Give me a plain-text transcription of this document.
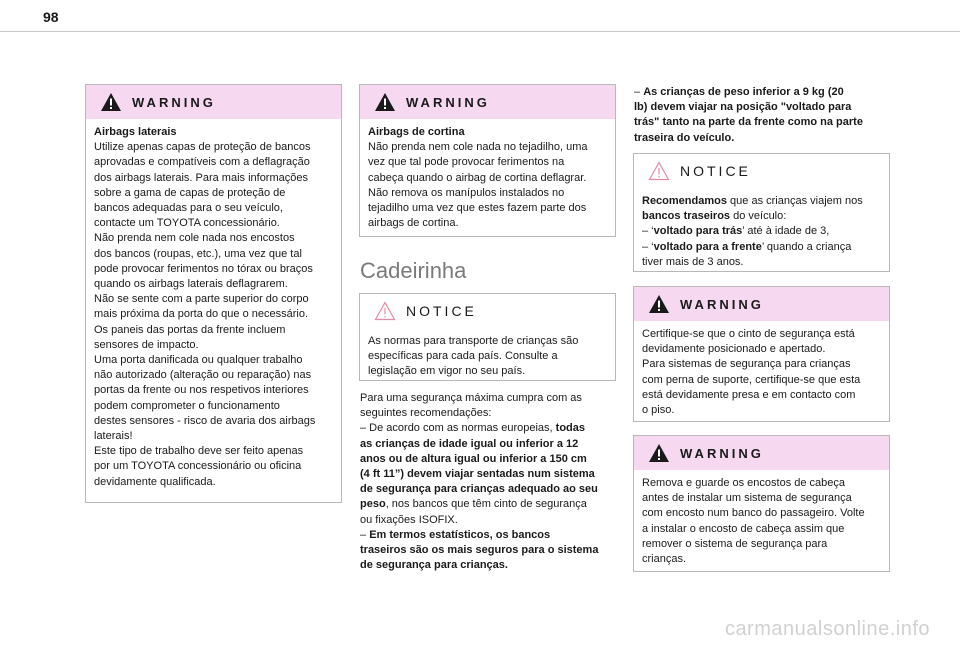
98
WARNING

Airbags laterais

Utilize apenas capas de proteção de bancos

aprovadas e compatíveis com a deflagração

dos airbags laterais. Para mais informações

sobre a gama de capas de proteção de

bancos adequadas para o seu veículo,

contacte um TOYOTA concessionário.

Não prenda nem cole nada nos encostos

dos bancos (roupas, etc.), uma vez que tal

pode provocar ferimentos no tórax ou braços

quando os airbags laterais deflagrarem.

Não se sente com a parte superior do corpo

mais próxima da porta do que o necessário.

Os paneis das portas da frente incluem

sensores de impacto.

Uma porta danificada ou qualquer trabalho

não autorizado (alteração ou reparação) nas

portas da frente ou nos respetivos interiores

podem comprometer o funcionamento

destes sensores - risco de avaria dos airbags

laterais!

Este tipo de trabalho deve ser feito apenas

por um TOYOTA concessionário ou oficina

devidamente qualificada.

WARNING

Airbags de cortina

Não prenda nem cole nada no tejadilho, uma

vez que tal pode provocar ferimentos na

cabeça quando o airbag de cortina deflagrar.

Não remova os manípulos instalados no

tejadilho uma vez que estes fazem parte dos

airbags de cortina.

Cadeirinha
NOTICE

As normas para transporte de crianças são

específicas para cada país. Consulte a

legislação em vigor no seu país.

Para uma segurança máxima cumpra com as

seguintes recomendações:

– De acordo com as normas europeias, todas

as crianças de idade igual ou inferior a 12

anos ou de altura igual ou inferior a 150 cm

(4 ft 11”) devem viajar sentadas num sistema

de segurança para crianças adequado ao seu

peso, nos bancos que têm cinto de segurança

ou fixações ISOFIX.

– Em termos estatísticos, os bancos

traseiros são os mais seguros para o sistema

de segurança para crianças.

– As crianças de peso inferior a 9 kg (20

lb) devem viajar na posição "voltado para

trás" tanto na parte da frente como na parte

traseira do veículo.

NOTICE

Recomendamos que as crianças viajem nos

bancos traseiros do veículo:

– ‘voltado para trás’ até à idade de 3,

– ‘voltado para a frente’ quando a criança

tiver mais de 3 anos.

WARNING

Certifique-se que o cinto de segurança está

devidamente posicionado e apertado.

Para sistemas de segurança para crianças

com perna de suporte, certifique-se que esta

está devidamente presa e em contacto com

o piso.

WARNING

Remova e guarde os encostos de cabeça

antes de instalar um sistema de segurança

com encosto num banco do passageiro. Volte

a instalar o encosto de cabeça assim que

remover o sistema de segurança para

crianças.

carmanualsonline.info
